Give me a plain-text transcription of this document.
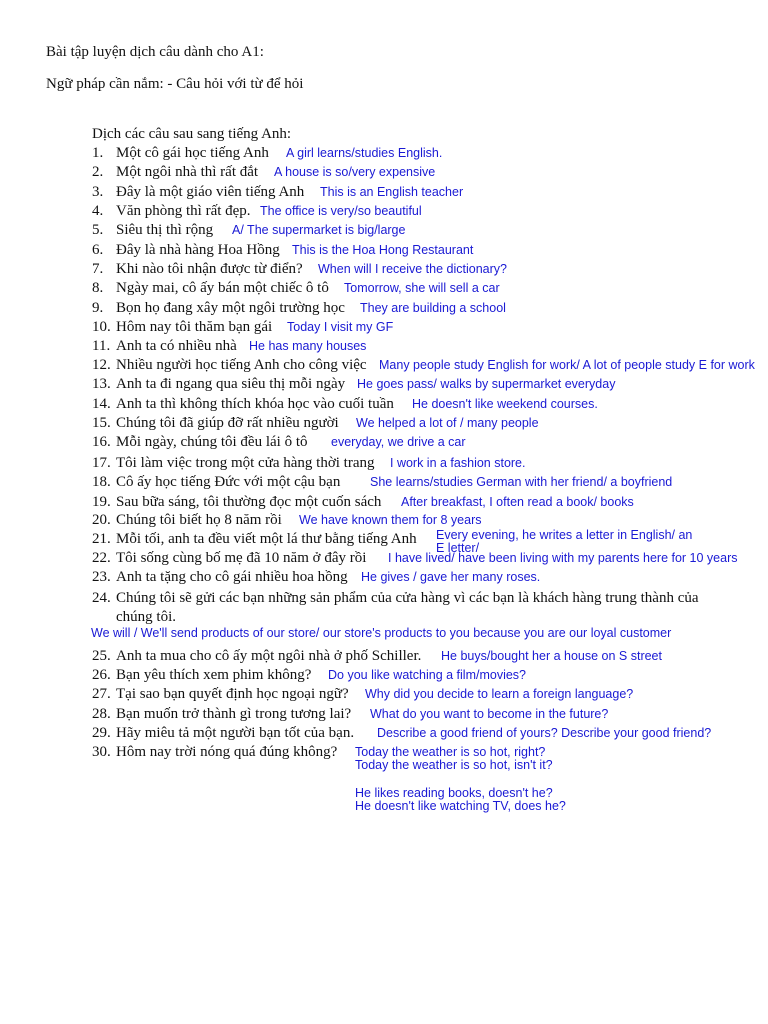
Bài tập luyện dịch câu dành cho A1:
Ngữ pháp cần nắm: - Câu hỏi với từ để hỏi
Dịch các câu sau sang tiếng Anh:
1. Một cô gái học tiếng Anh A girl learns/studies English.
2. Một ngôi nhà thì rất đắt A house is so/very expensive
3. Đây là một giáo viên tiếng Anh This is an English teacher
4. Văn phòng thì rất đẹp. The office is very/so beautiful
5. Siêu thị thì rộng A/ The supermarket is big/large
6. Đây là nhà hàng Hoa Hồng This is the Hoa Hong Restaurant
7. Khi nào tôi nhận được từ điển? When will I receive the dictionary?
8. Ngày mai, cô ấy bán một chiếc ô tô Tomorrow, she will sell a car
9. Bọn họ đang xây một ngôi trường học They are building a school
10. Hôm nay tôi thăm bạn gái Today I visit my GF
11. Anh ta có nhiều nhà He has many houses
12. Nhiều người học tiếng Anh cho công việc Many people study English for work/ A lot of people study E for work
13. Anh ta đi ngang qua siêu thị mỗi ngày He goes pass/ walks by supermarket everyday
14. Anh ta thì không thích khóa học vào cuối tuần He doesn't like weekend courses.
15. Chúng tôi đã giúp đỡ rất nhiều người We helped a lot of / many people
16. Mỗi ngày, chúng tôi đều lái ô tô everyday, we drive a car
17. Tôi làm việc trong một cửa hàng thời trang I work in a fashion store.
18. Cô ấy học tiếng Đức với một cậu bạn She learns/studies German with her friend/ a boyfriend
19. Sau bữa sáng, tôi thường đọc một cuốn sách After breakfast, I often read a book/ books
20. Chúng tôi biết họ 8 năm rồi We have known them for 8 years
21. Mỗi tối, anh ta đều viết một lá thư bằng tiếng Anh Every evening, he writes a letter in English/ an
E letter/
22. Tôi sống cùng bố mẹ đã 10 năm ở đây rồi I have lived/ have been living with my parents here for 10 years
23. Anh ta tặng cho cô gái nhiều hoa hồng He gives / gave her many roses.
24. Chúng tôi sẽ gửi các bạn những sản phẩm của cửa hàng vì các bạn là khách hàng trung thành của
chúng tôi.
We will / We'll send products of our store/ our store's products to you because you are our loyal customer
25. Anh ta mua cho cô ấy một ngôi nhà ở phố Schiller. He buys/bought her a house on S street
26. Bạn yêu thích xem phim không? Do you like watching a film/movies?
27. Tại sao bạn quyết định học ngoại ngữ? Why did you decide to learn a foreign language?
28. Bạn muốn trở thành gì trong tương lai? What do you want to become in the future?
29. Hãy miêu tả một người bạn tốt của bạn. Describe a good friend of yours? Describe your good friend?
30. Hôm nay trời nóng quá đúng không? Today the weather is so hot, right?
Today the weather is so hot, isn't it?
He likes reading books, doesn't he?
He doesn't like watching TV, does he?
